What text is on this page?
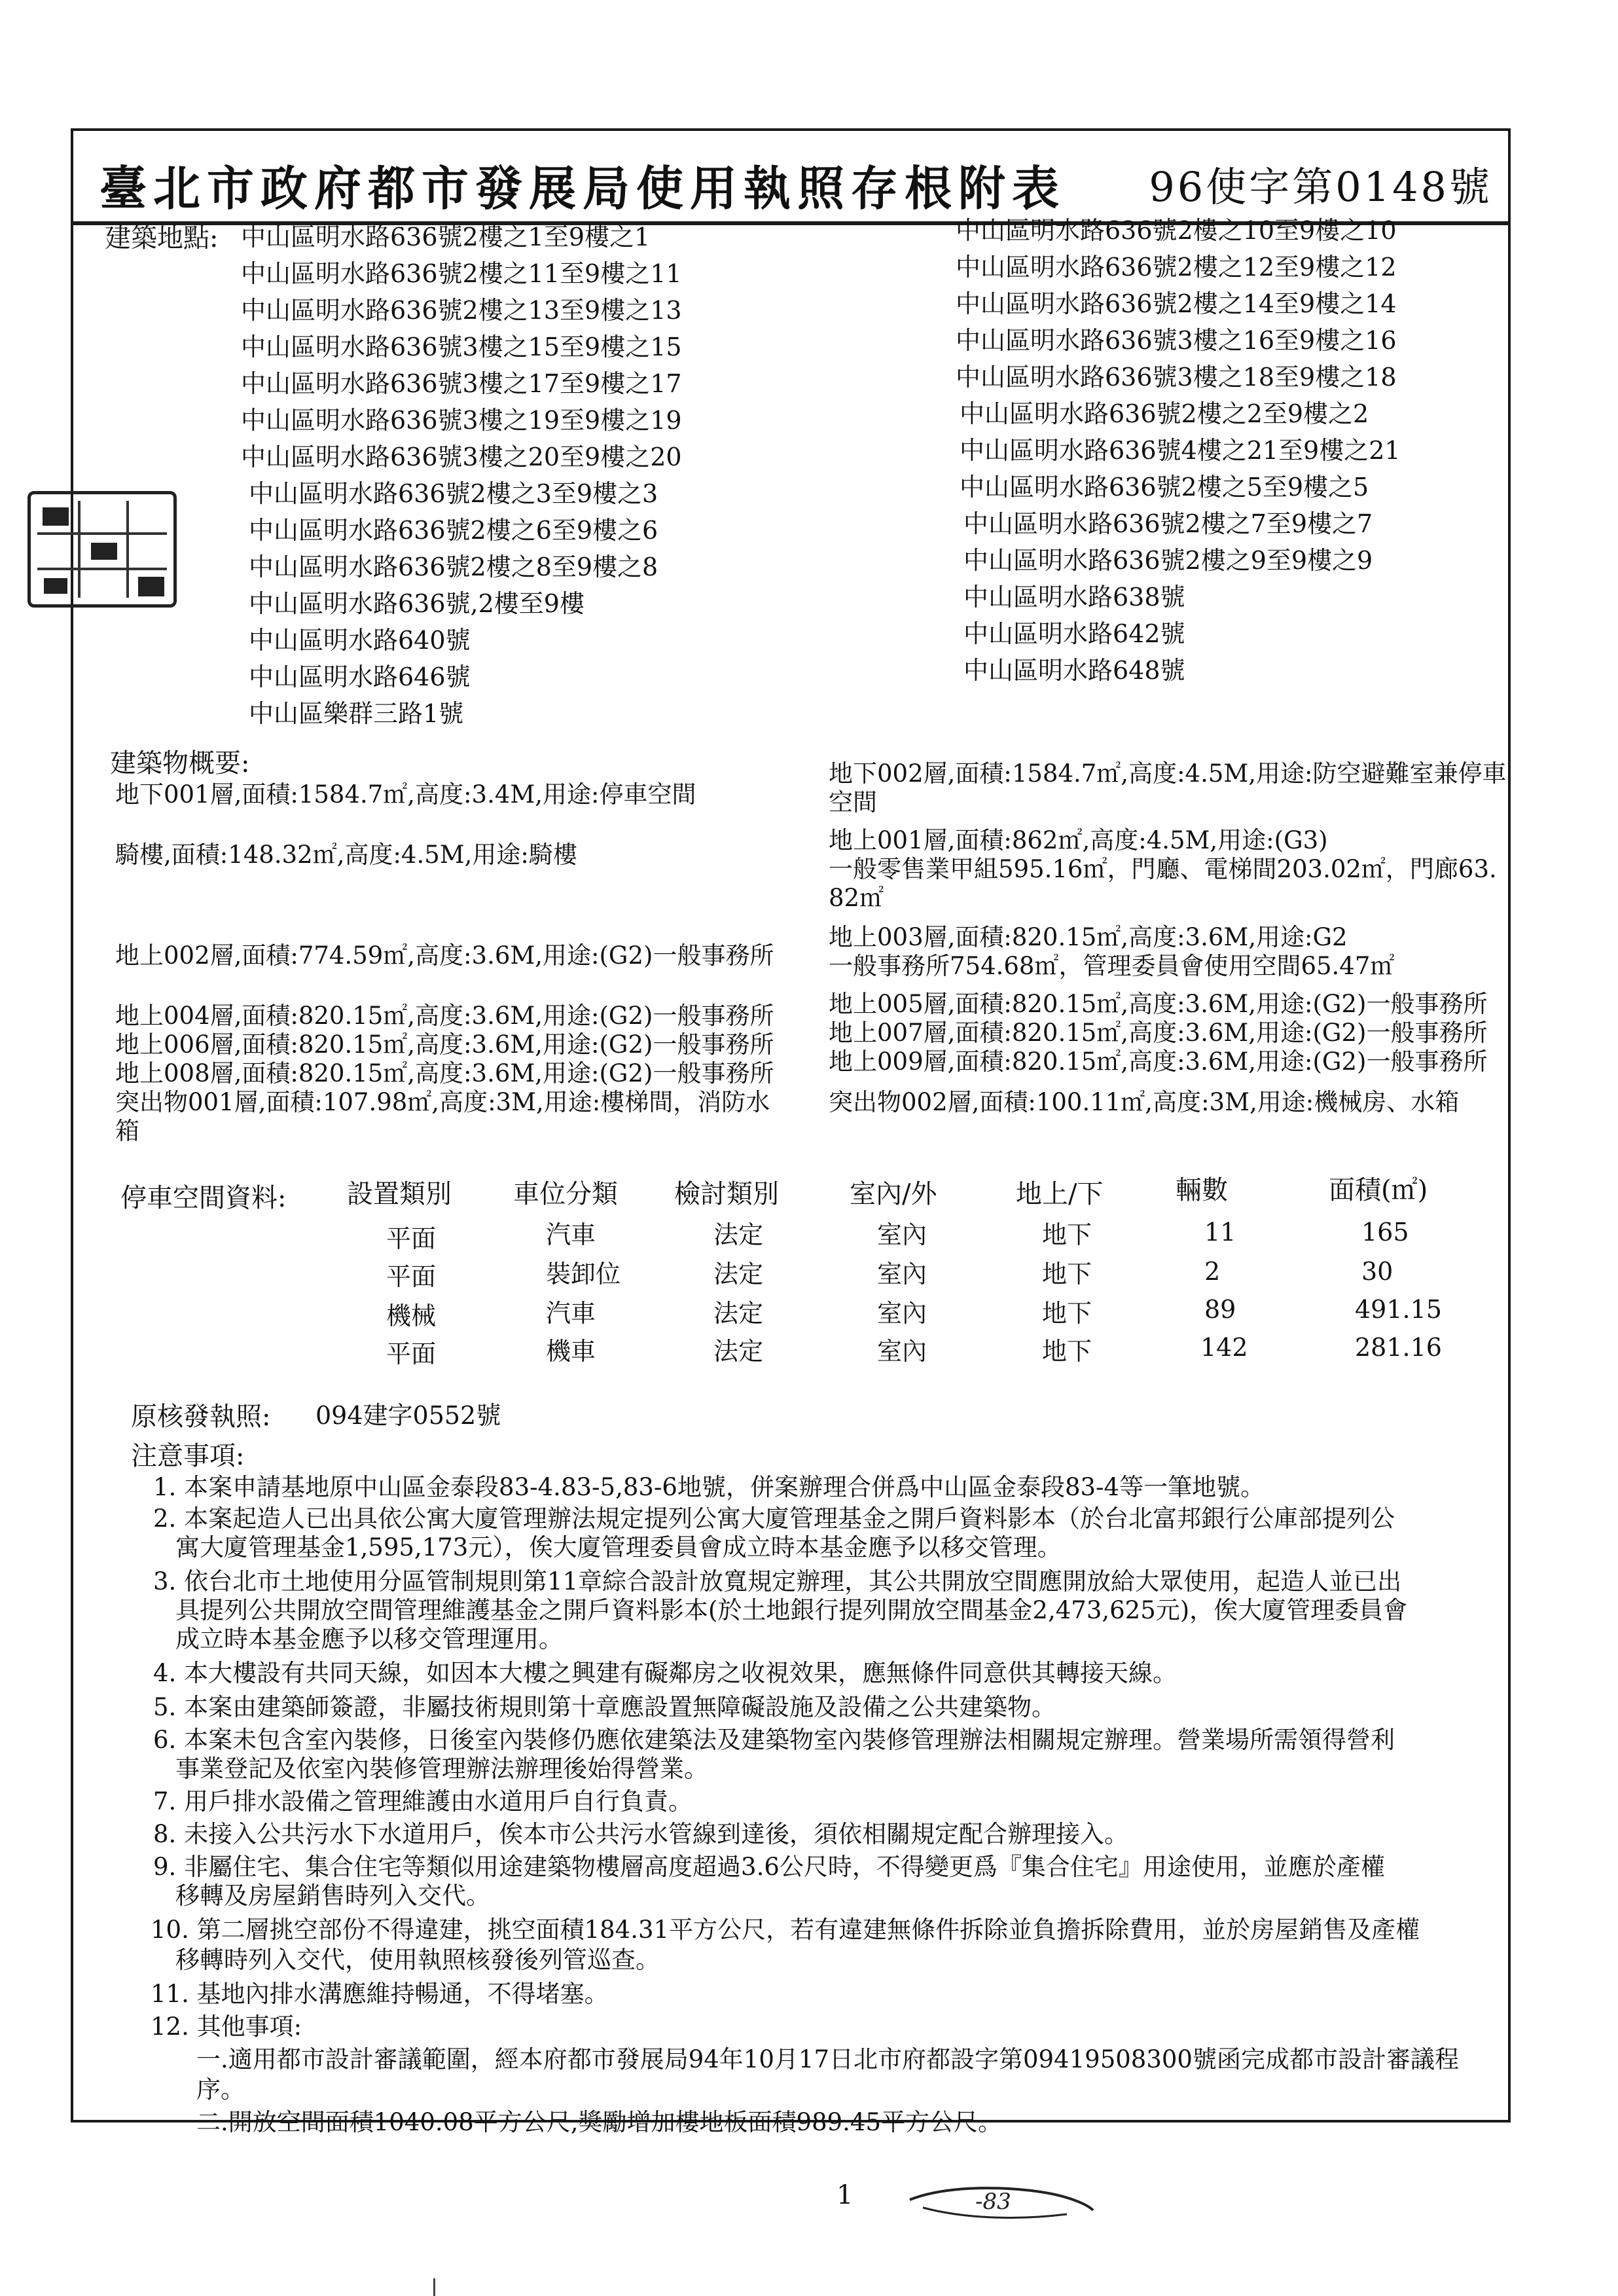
臺北市政府都市發展局使用執照存根附表 96使字第0148號
建築地點: 中山區明水路636號2樓之1至9樓之1
中山區明水路636號2樓之11至9樓之11
中山區明水路636號2樓之13至9樓之13
中山區明水路636號3樓之15至9樓之15
中山區明水路636號3樓之17至9樓之17
中山區明水路636號3樓之19至9樓之19
中山區明水路636號3樓之20至9樓之20
中山區明水路636號2樓之3至9樓之3
中山區明水路636號2樓之6至9樓之6
中山區明水路636號2樓之8至9樓之8
中山區明水路636號,2樓至9樓
中山區明水路640號
中山區明水路646號
中山區樂群三路1號
中山區明水路636號2樓之10至9樓之10
中山區明水路636號2樓之12至9樓之12
中山區明水路636號2樓之14至9樓之14
中山區明水路636號3樓之16至9樓之16
中山區明水路636號3樓之18至9樓之18
中山區明水路636號2樓之2至9樓之2
中山區明水路636號4樓之21至9樓之21
中山區明水路636號2樓之5至9樓之5
中山區明水路636號2樓之7至9樓之7
中山區明水路636號2樓之9至9樓之9
中山區明水路638號
中山區明水路642號
中山區明水路648號
建築物概要:
地下001層,面積:1584.7㎡,高度:3.4M,用途:停車空間
騎樓,面積:148.32㎡,高度:4.5M,用途:騎樓
地上002層,面積:774.59㎡,高度:3.6M,用途:(G2)一般事務所
地上004層,面積:820.15㎡,高度:3.6M,用途:(G2)一般事務所
地上006層,面積:820.15㎡,高度:3.6M,用途:(G2)一般事務所
地上008層,面積:820.15㎡,高度:3.6M,用途:(G2)一般事務所
突出物001層,面積:107.98㎡,高度:3M,用途:樓梯間，消防水
箱
地下002層,面積:1584.7㎡,高度:4.5M,用途:防空避難室兼停車
空間
地上001層,面積:862㎡,高度:4.5M,用途:(G3)
一般零售業甲組595.16㎡，門廳、電梯間203.02㎡，門廊63.
82㎡
地上003層,面積:820.15㎡,高度:3.6M,用途:G2
一般事務所754.68㎡，管理委員會使用空間65.47㎡
地上005層,面積:820.15㎡,高度:3.6M,用途:(G2)一般事務所
地上007層,面積:820.15㎡,高度:3.6M,用途:(G2)一般事務所
地上009層,面積:820.15㎡,高度:3.6M,用途:(G2)一般事務所
突出物002層,面積:100.11㎡,高度:3M,用途:機械房、水箱
停車空間資料: 設置類別 車位分類 檢討類別	室內/外	地上/下	輛數	面積(㎡)
平面	汽車	法定	室內	地下	11	165
平面	裝卸位	法定	室內	地下	2	30
機械	汽車	法定	室內	地下	89	491.15
平面	機車	法定	室內	地下	142	281.16
原核發執照: 094建字0552號
注意事項:
1. 本案申請基地原中山區金泰段83-4.83-5,83-6地號，併案辦理合併爲中山區金泰段83-4等一筆地號。
2. 本案起造人已出具依公寓大廈管理辦法規定提列公寓大廈管理基金之開戶資料影本（於台北富邦銀行公庫部提列公
寓大廈管理基金1,595,173元），俟大廈管理委員會成立時本基金應予以移交管理。
3. 依台北市土地使用分區管制規則第11章綜合設計放寬規定辦理，其公共開放空間應開放給大眾使用，起造人並已出
具提列公共開放空間管理維護基金之開戶資料影本(於土地銀行提列開放空間基金2,473,625元)，俟大廈管理委員會
成立時本基金應予以移交管理運用。
4. 本大樓設有共同天線，如因本大樓之興建有礙鄰房之收視效果，應無條件同意供其轉接天線。
5. 本案由建築師簽證，非屬技術規則第十章應設置無障礙設施及設備之公共建築物。
6. 本案未包含室內裝修，日後室內裝修仍應依建築法及建築物室內裝修管理辦法相關規定辦理。營業場所需領得營利
事業登記及依室內裝修管理辦法辦理後始得營業。
7. 用戶排水設備之管理維護由水道用戶自行負責。
8. 未接入公共污水下水道用戶，俟本市公共污水管線到達後，須依相關規定配合辦理接入。
9. 非屬住宅、集合住宅等類似用途建築物樓層高度超過3.6公尺時，不得變更爲『集合住宅』用途使用，並應於產權
移轉及房屋銷售時列入交代。
10. 第二層挑空部份不得違建，挑空面積184.31平方公尺，若有違建無條件拆除並負擔拆除費用，並於房屋銷售及產權
移轉時列入交代，使用執照核發後列管巡查。
11. 基地內排水溝應維持暢通，不得堵塞。
12. 其他事項:
一.適用都市設計審議範圍，經本府都市發展局94年10月17日北市府都設字第09419508300號函完成都市設計審議程
序。
二.開放空間面積1040.08平方公尺,獎勵增加樓地板面積989.45平方公尺。
1	-83
